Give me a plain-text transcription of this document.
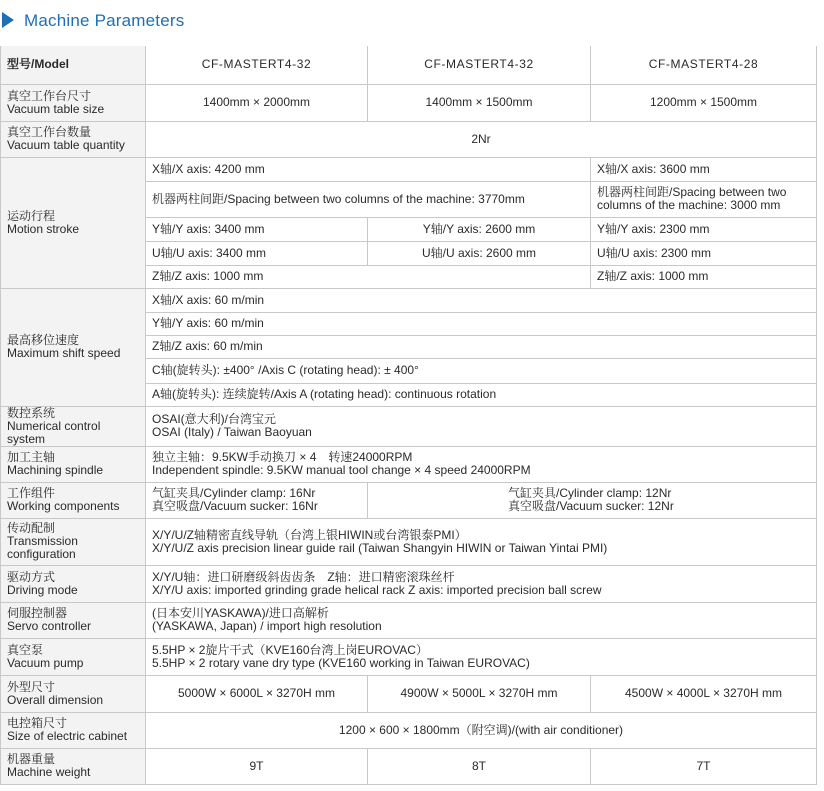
Machine Parameters
型号/Model	CF-MASTERT4-32	CF-MASTERT4-32	CF-MASTERT4-28

真空工作台尺寸
Vacuum table size	1400mm × 2000mm	1400mm × 1500mm	1200mm × 1500mm

真空工作台数量
Vacuum table quantity	2Nr		

运动行程
Motion stroke	X轴/X axis: 4200 mm		X轴/X axis: 3600 mm
	机器两柱间距/Spacing between two columns of the machine: 3770mm		机器两柱间距/Spacing between two
columns of the machine: 3000 mm

	Y轴/Y axis: 3400 mm	Y轴/Y axis: 2600 mm	Y轴/Y axis: 2300 mm
	U轴/U axis: 3400 mm	U轴/U axis: 2600 mm	U轴/U axis: 2300 mm
	Z轴/Z axis: 1000 mm		Z轴/Z axis: 1000 mm

最高移位速度
Maximum shift speed	X轴/X axis: 60 m/min		
	Y轴/Y axis: 60 m/min		
	Z轴/Z axis: 60 m/min		
	C轴(旋转头): ±400° /Axis C (rotating head): ± 400°		
	A轴(旋转头): 连续旋转/Axis A (rotating head): continuous rotation		

数控系统
Numerical control system	OSAI(意大利)/台湾宝元
OSAI (Italy) / Taiwan Baoyuan		

加工主轴
Machining spindle	独立主轴：9.5KW手动换刀 × 4　转速24000RPM
Independent spindle: 9.5KW manual tool change × 4 speed 24000RPM		

工作组件
Working components	气缸夹具/Cylinder clamp: 16Nr
真空吸盘/Vacuum sucker: 16Nr	气缸夹具/Cylinder clamp: 12Nr
真空吸盘/Vacuum sucker: 12Nr	

传动配制
Transmission
configuration	X/Y/U/Z轴精密直线导轨（台湾上银HIWIN或台湾银泰PMI）
X/Y/U/Z axis precision linear guide rail (Taiwan Shangyin HIWIN or Taiwan Yintai PMI)		

驱动方式
Driving mode	X/Y/U轴：进口研磨级斜齿齿条　Z轴：进口精密滚珠丝杆
X/Y/U axis: imported grinding grade helical rack Z axis: imported precision ball screw		

伺服控制器
Servo controller	(日本安川YASKAWA)/进口高解析
(YASKAWA, Japan) / import high resolution		

真空泵
Vacuum pump	5.5HP × 2旋片干式（KVE160台湾上岗EUROVAC）
5.5HP × 2 rotary vane dry type (KVE160 working in Taiwan EUROVAC)		

外型尺寸
Overall dimension	5000W × 6000L × 3270H mm	4900W × 5000L × 3270H mm	4500W × 4000L × 3270H mm

电控箱尺寸
Size of electric cabinet	1200 × 600 × 1800mm（附空调)/(with air conditioner)		

机器重量
Machine weight	9T	8T	7T
